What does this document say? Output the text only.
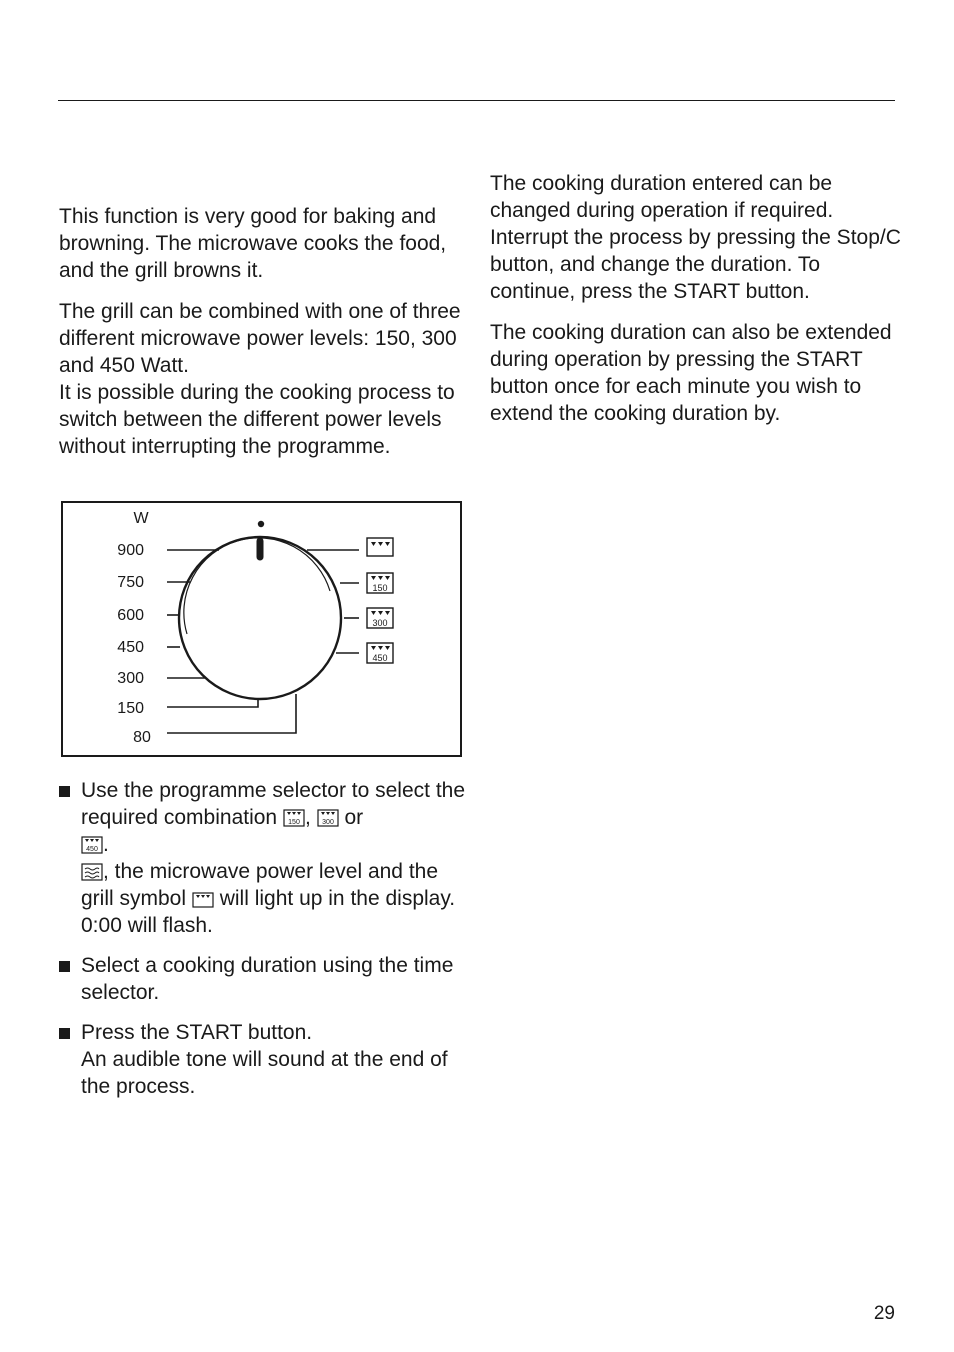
This function is very good for baking and browning. The microwave cooks the food, and the grill browns it.

The grill can be combined with one of three different microwave power levels: 150, 300 and 450 Watt.
It is possible during the cooking process to switch between the different power levels without interrupting the programme.

W
900
750
600
450
300
150
80
150
300
450
Use the programme selector to select the required combination 150 , 300 or

450 .
, the microwave power level and the grill symbol will light up in the display. 0:00 will flash.
Select a cooking duration using the time selector.
Press the START button.
An audible tone will sound at the end of the process.

The cooking duration entered can be changed during operation if required. Interrupt the process by pressing the Stop/C button, and change the duration. To continue, press the START button.

The cooking duration can also be extended during operation by pressing the START button once for each minute you wish to extend the cooking duration by.

29
